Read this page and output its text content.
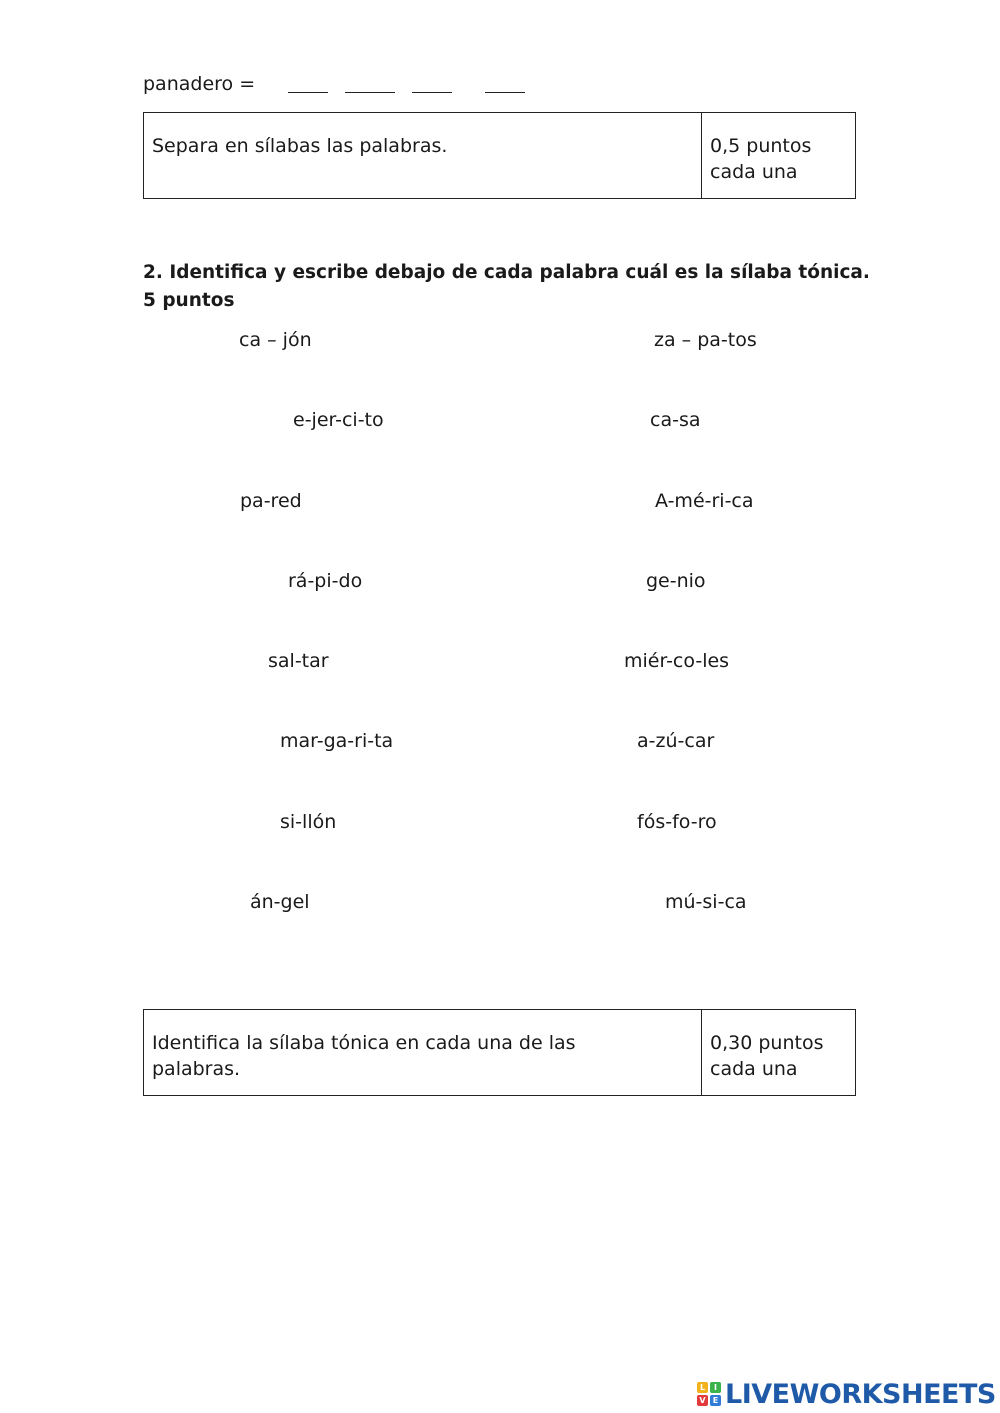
panadero =
Separa en sílabas las palabras.	0,5 puntos
cada una
2. Identifica y escribe debajo de cada palabra cuál es la sílaba tónica.
5 puntos
ca – jón
e-jer-ci-to
pa-red
rá-pi-do
sal-tar
mar-ga-ri-ta
si-llón
án-gel
za – pa-tos
ca-sa
A-mé-ri-ca
ge-nio
miér-co-les
a-zú-car
fós-fo-ro
mú-si-ca
Identifica la sílaba tónica en cada una de las
palabras.
0,30 puntos
cada una
L	I
V E LIVEWORKSHEETS
